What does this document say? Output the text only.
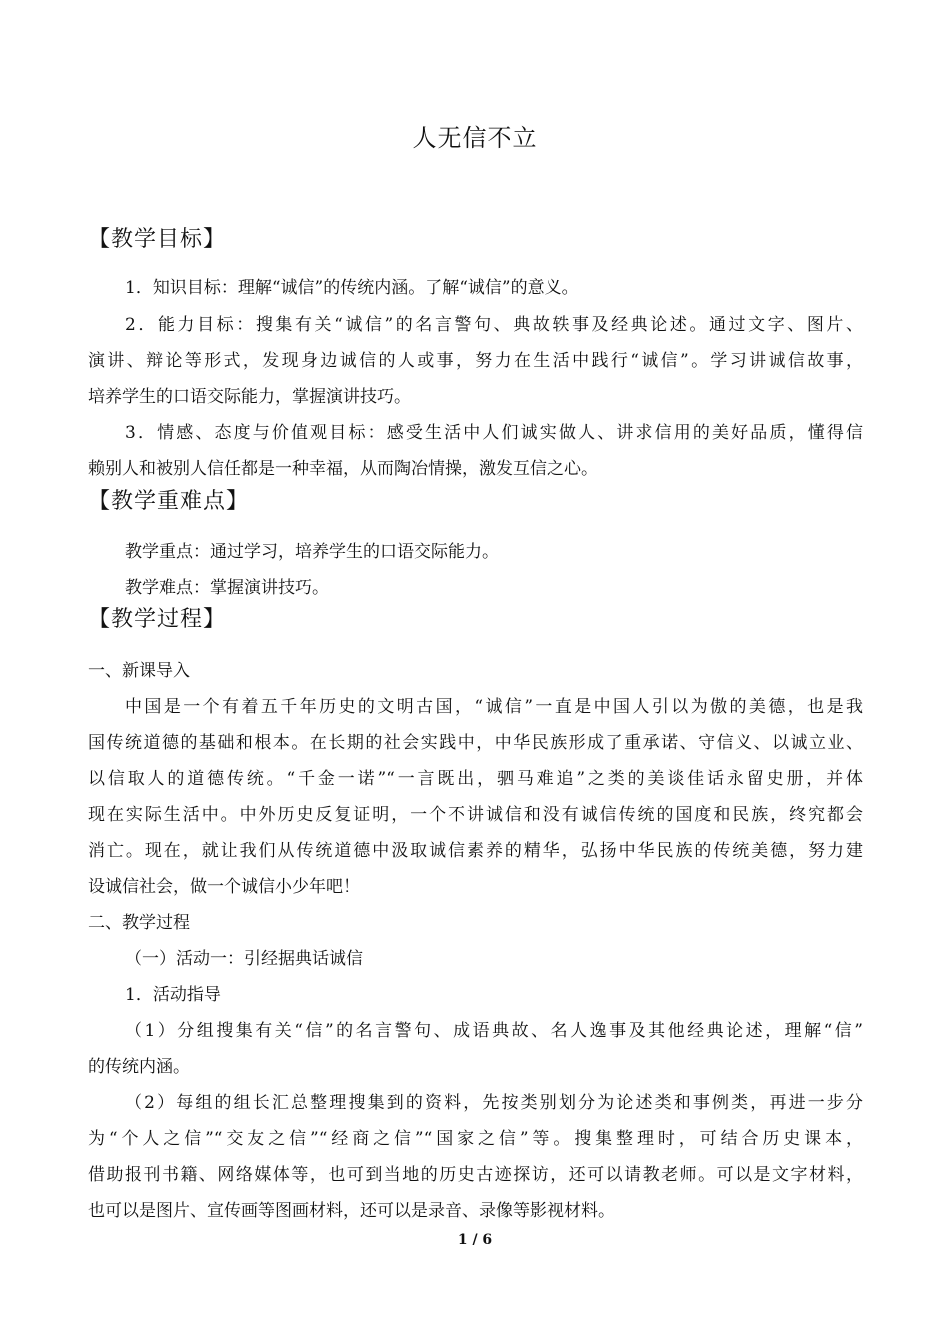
人无信不立
【教学目标】
1．知识目标：理解“诚信”的传统内涵。了解“诚信”的意义。
2．能力目标：搜集有关“诚信”的名言警句、典故轶事及经典论述。通过文字、图片、
演讲、辩论等形式，发现身边诚信的人或事，努力在生活中践行“诚信”。学习讲诚信故事，
培养学生的口语交际能力，掌握演讲技巧。
3．情感、态度与价值观目标：感受生活中人们诚实做人、讲求信用的美好品质，懂得信
赖别人和被别人信任都是一种幸福，从而陶冶情操，激发互信之心。
【教学重难点】
教学重点：通过学习，培养学生的口语交际能力。
教学难点：掌握演讲技巧。
【教学过程】
一、新课导入
中国是一个有着五千年历史的文明古国，“诚信”一直是中国人引以为傲的美德，也是我
国传统道德的基础和根本。在长期的社会实践中，中华民族形成了重承诺、守信义、以诚立业、
以信取人的道德传统。“千金一诺”“一言既出，驷马难追”之类的美谈佳话永留史册，并体
现在实际生活中。中外历史反复证明，一个不讲诚信和没有诚信传统的国度和民族，终究都会
消亡。现在，就让我们从传统道德中汲取诚信素养的精华，弘扬中华民族的传统美德，努力建
设诚信社会，做一个诚信小少年吧！
二、教学过程
（一）活动一：引经据典话诚信
1．活动指导
（1）分组搜集有关“信”的名言警句、成语典故、名人逸事及其他经典论述，理解“信”
的传统内涵。
（2）每组的组长汇总整理搜集到的资料，先按类别划分为论述类和事例类，再进一步分
为“个人之信”“交友之信”“经商之信”“国家之信”等。搜集整理时，可结合历史课本，
借助报刊书籍、网络媒体等，也可到当地的历史古迹探访，还可以请教老师。可以是文字材料，
也可以是图片、宣传画等图画材料，还可以是录音、录像等影视材料。
1 / 6
